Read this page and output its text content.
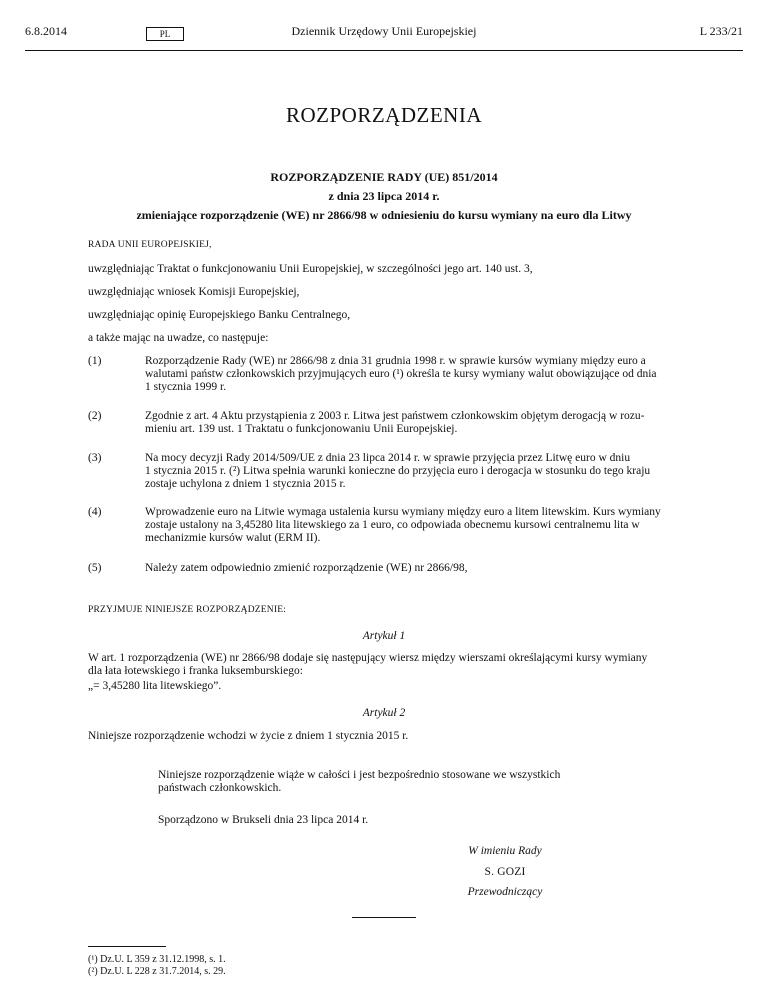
6.8.2014	PL	Dziennik Urzędowy Unii Europejskiej	L 233/21
ROZPORZĄDZENIA
ROZPORZĄDZENIE RADY (UE) 851/2014
z dnia 23 lipca 2014 r.
zmieniające rozporządzenie (WE) nr 2866/98 w odniesieniu do kursu wymiany na euro dla Litwy
RADA UNII EUROPEJSKIEJ,
uwzględniając Traktat o funkcjonowaniu Unii Europejskiej, w szczególności jego art. 140 ust. 3,
uwzględniając wniosek Komisji Europejskiej,
uwzględniając opinię Europejskiego Banku Centralnego,
a także mając na uwadze, co następuje:
(1)	Rozporządzenie Rady (WE) nr 2866/98 z dnia 31 grudnia 1998 r. w sprawie kursów wymiany między euro a
walutami państw członkowskich przyjmujących euro (¹) określa te kursy wymiany walut obowiązujące od dnia
1 stycznia 1999 r.
(2)	Zgodnie z art. 4 Aktu przystąpienia z 2003 r. Litwa jest państwem członkowskim objętym derogacją w rozu-
mieniu art. 139 ust. 1 Traktatu o funkcjonowaniu Unii Europejskiej.
(3)	Na mocy decyzji Rady 2014/509/UE z dnia 23 lipca 2014 r. w sprawie przyjęcia przez Litwę euro w dniu
1 stycznia 2015 r. (²) Litwa spełnia warunki konieczne do przyjęcia euro i derogacja w stosunku do tego kraju
zostaje uchylona z dniem 1 stycznia 2015 r.
(4)	Wprowadzenie euro na Litwie wymaga ustalenia kursu wymiany między euro a litem litewskim. Kurs wymiany
zostaje ustalony na 3,45280 lita litewskiego za 1 euro, co odpowiada obecnemu kursowi centralnemu lita w
mechanizmie kursów walut (ERM II).
(5)	Należy zatem odpowiednio zmienić rozporządzenie (WE) nr 2866/98,
PRZYJMUJE NINIEJSZE ROZPORZĄDZENIE:
Artykuł 1
W art. 1 rozporządzenia (WE) nr 2866/98 dodaje się następujący wiersz między wierszami określającymi kursy wymiany
dla łata łotewskiego i franka luksemburskiego:
„= 3,45280 lita litewskiego”.
Artykuł 2
Niniejsze rozporządzenie wchodzi w życie z dniem 1 stycznia 2015 r.
Niniejsze rozporządzenie wiąże w całości i jest bezpośrednio stosowane we wszystkich
państwach członkowskich.
Sporządzono w Brukseli dnia 23 lipca 2014 r.
W imieniu Rady
S. GOZI
Przewodniczący
(¹) Dz.U. L 359 z 31.12.1998, s. 1.
(²) Dz.U. L 228 z 31.7.2014, s. 29.
